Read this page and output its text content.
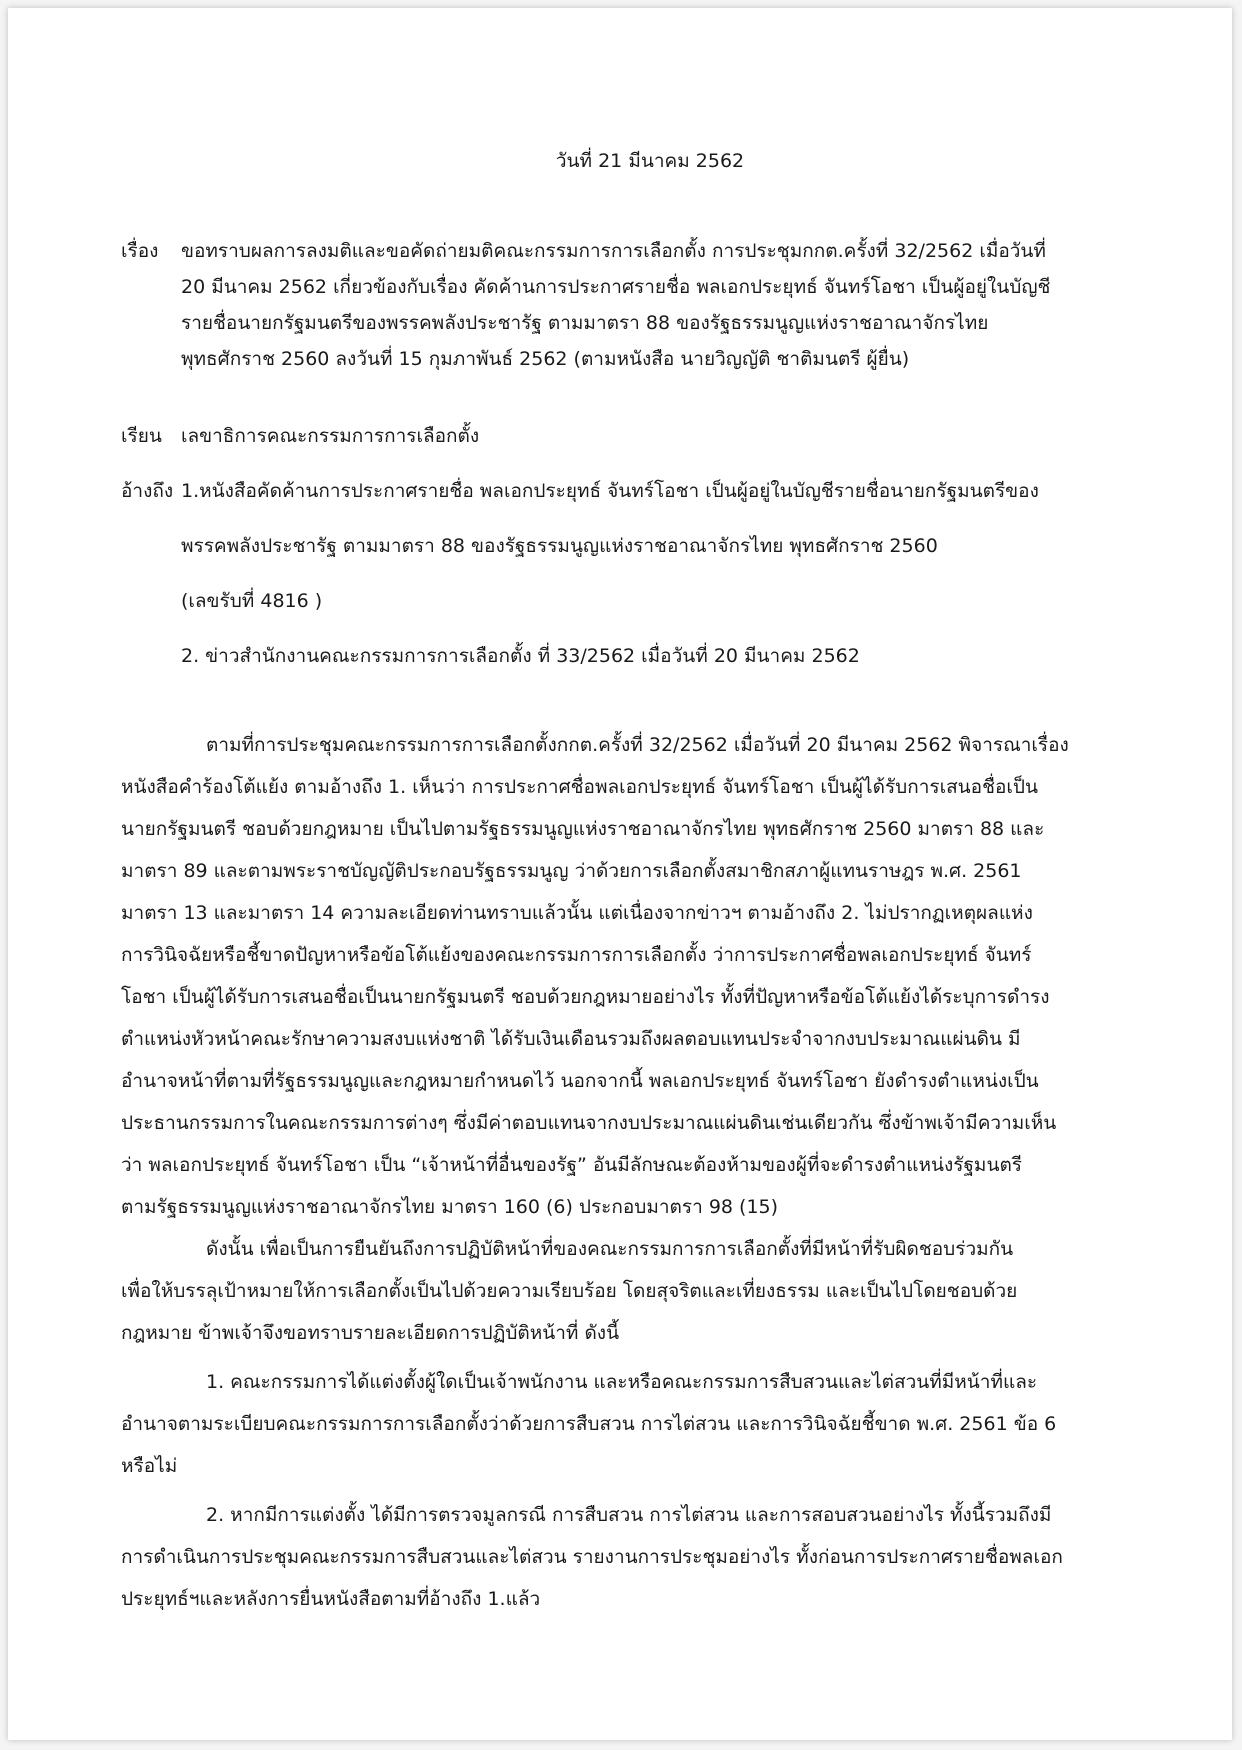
วันที่ 21 มีนาคม 2562
เรื่อง ขอทราบผลการลงมติและขอคัดถ่ายมติคณะกรรมการการเลือกตั้ง การประชุมกกต.ครั้งที่ 32/2562 เมื่อวันที่
20 มีนาคม 2562 เกี่ยวข้องกับเรื่อง คัดค้านการประกาศรายชื่อ พลเอกประยุทธ์ จันทร์โอชา เป็นผู้อยู่ในบัญชี
รายชื่อนายกรัฐมนตรีของพรรคพลังประชารัฐ ตามมาตรา 88 ของรัฐธรรมนูญแห่งราชอาณาจักรไทย
พุทธศักราช 2560 ลงวันที่ 15 กุมภาพันธ์ 2562 (ตามหนังสือ นายวิญญัติ ชาติมนตรี ผู้ยื่น)
เรียน เลขาธิการคณะกรรมการการเลือกตั้ง
อ้างถึง 1.หนังสือคัดค้านการประกาศรายชื่อ พลเอกประยุทธ์ จันทร์โอชา เป็นผู้อยู่ในบัญชีรายชื่อนายกรัฐมนตรีของ
พรรคพลังประชารัฐ ตามมาตรา 88 ของรัฐธรรมนูญแห่งราชอาณาจักรไทย พุทธศักราช 2560
(เลขรับที่ 4816 )
2. ข่าวสำนักงานคณะกรรมการการเลือกตั้ง ที่ 33/2562 เมื่อวันที่ 20 มีนาคม 2562
ตามที่การประชุมคณะกรรมการการเลือกตั้งกกต.ครั้งที่ 32/2562 เมื่อวันที่ 20 มีนาคม 2562 พิจารณาเรื่อง
หนังสือคำร้องโต้แย้ง ตามอ้างถึง 1. เห็นว่า การประกาศชื่อพลเอกประยุทธ์ จันทร์โอชา เป็นผู้ได้รับการเสนอชื่อเป็น
นายกรัฐมนตรี ชอบด้วยกฎหมาย เป็นไปตามรัฐธรรมนูญแห่งราชอาณาจักรไทย พุทธศักราช 2560 มาตรา 88 และ
มาตรา 89 และตามพระราชบัญญัติประกอบรัฐธรรมนูญ ว่าด้วยการเลือกตั้งสมาชิกสภาผู้แทนราษฎร พ.ศ. 2561
มาตรา 13 และมาตรา 14 ความละเอียดท่านทราบแล้วนั้น แต่เนื่องจากข่าวฯ ตามอ้างถึง 2. ไม่ปรากฏเหตุผลแห่ง
การวินิจฉัยหรือชี้ขาดปัญหาหรือข้อโต้แย้งของคณะกรรมการการเลือกตั้ง ว่าการประกาศชื่อพลเอกประยุทธ์ จันทร์
โอชา เป็นผู้ได้รับการเสนอชื่อเป็นนายกรัฐมนตรี ชอบด้วยกฎหมายอย่างไร ทั้งที่ปัญหาหรือข้อโต้แย้งได้ระบุการดำรง
ตำแหน่งหัวหน้าคณะรักษาความสงบแห่งชาติ ได้รับเงินเดือนรวมถึงผลตอบแทนประจำจากงบประมาณแผ่นดิน มี
อำนาจหน้าที่ตามที่รัฐธรรมนูญและกฎหมายกำหนดไว้ นอกจากนี้ พลเอกประยุทธ์ จันทร์โอชา ยังดำรงตำแหน่งเป็น
ประธานกรรมการในคณะกรรมการต่างๆ ซึ่งมีค่าตอบแทนจากงบประมาณแผ่นดินเช่นเดียวกัน ซึ่งข้าพเจ้ามีความเห็น
ว่า พลเอกประยุทธ์ จันทร์โอชา เป็น “เจ้าหน้าที่อื่นของรัฐ” อันมีลักษณะต้องห้ามของผู้ที่จะดำรงตำแหน่งรัฐมนตรี
ตามรัฐธรรมนูญแห่งราชอาณาจักรไทย มาตรา 160 (6) ประกอบมาตรา 98 (15)
ดังนั้น เพื่อเป็นการยืนยันถึงการปฏิบัติหน้าที่ของคณะกรรมการการเลือกตั้งที่มีหน้าที่รับผิดชอบร่วมกัน
เพื่อให้บรรลุเป้าหมายให้การเลือกตั้งเป็นไปด้วยความเรียบร้อย โดยสุจริตและเที่ยงธรรม และเป็นไปโดยชอบด้วย
กฎหมาย ข้าพเจ้าจึงขอทราบรายละเอียดการปฏิบัติหน้าที่ ดังนี้
1. คณะกรรมการได้แต่งตั้งผู้ใดเป็นเจ้าพนักงาน และหรือคณะกรรมการสืบสวนและไต่สวนที่มีหน้าที่และ
อำนาจตามระเบียบคณะกรรมการการเลือกตั้งว่าด้วยการสืบสวน การไต่สวน และการวินิจฉัยชี้ขาด พ.ศ. 2561 ข้อ 6
หรือไม่
2. หากมีการแต่งตั้ง ได้มีการตรวจมูลกรณี การสืบสวน การไต่สวน และการสอบสวนอย่างไร ทั้งนี้รวมถึงมี
การดำเนินการประชุมคณะกรรมการสืบสวนและไต่สวน รายงานการประชุมอย่างไร ทั้งก่อนการประกาศรายชื่อพลเอก
ประยุทธ์ฯและหลังการยื่นหนังสือตามที่อ้างถึง 1.แล้ว
